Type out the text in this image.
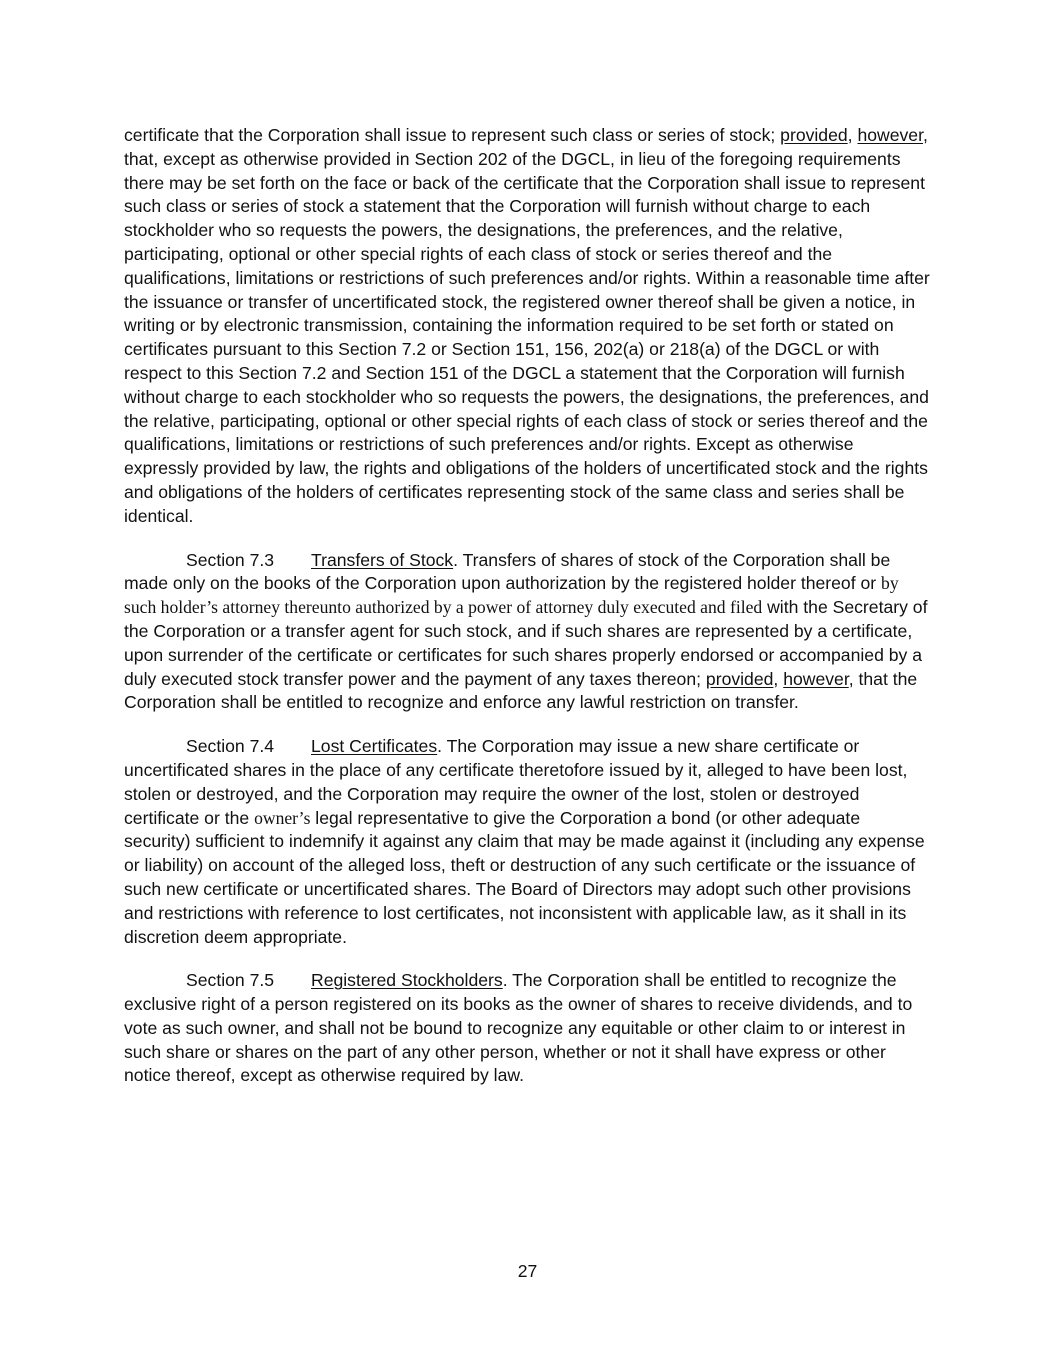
certificate that the Corporation shall issue to represent such class or series of stock; provided, however, that, except as otherwise provided in Section 202 of the DGCL, in lieu of the foregoing requirements there may be set forth on the face or back of the certificate that the Corporation shall issue to represent such class or series of stock a statement that the Corporation will furnish without charge to each stockholder who so requests the powers, the designations, the preferences, and the relative, participating, optional or other special rights of each class of stock or series thereof and the qualifications, limitations or restrictions of such preferences and/or rights. Within a reasonable time after the issuance or transfer of uncertificated stock, the registered owner thereof shall be given a notice, in writing or by electronic transmission, containing the information required to be set forth or stated on certificates pursuant to this Section 7.2 or Section 151, 156, 202(a) or 218(a) of the DGCL or with respect to this Section 7.2 and Section 151 of the DGCL a statement that the Corporation will furnish without charge to each stockholder who so requests the powers, the designations, the preferences, and the relative, participating, optional or other special rights of each class of stock or series thereof and the qualifications, limitations or restrictions of such preferences and/or rights. Except as otherwise expressly provided by law, the rights and obligations of the holders of uncertificated stock and the rights and obligations of the holders of certificates representing stock of the same class and series shall be identical.

Section 7.3 Transfers of Stock. Transfers of shares of stock of the Corporation shall be made only on the books of the Corporation upon authorization by the registered holder thereof or by such holder’s attorney thereunto authorized by a power of attorney duly executed and filed with the Secretary of the Corporation or a transfer agent for such stock, and if such shares are represented by a certificate, upon surrender of the certificate or certificates for such shares properly endorsed or accompanied by a duly executed stock transfer power and the payment of any taxes thereon; provided, however, that the Corporation shall be entitled to recognize and enforce any lawful restriction on transfer.

Section 7.4 Lost Certificates. The Corporation may issue a new share certificate or uncertificated shares in the place of any certificate theretofore issued by it, alleged to have been lost, stolen or destroyed, and the Corporation may require the owner of the lost, stolen or destroyed certificate or the owner’s legal representative to give the Corporation a bond (or other adequate security) sufficient to indemnify it against any claim that may be made against it (including any expense or liability) on account of the alleged loss, theft or destruction of any such certificate or the issuance of such new certificate or uncertificated shares. The Board of Directors may adopt such other provisions and restrictions with reference to lost certificates, not inconsistent with applicable law, as it shall in its discretion deem appropriate.

Section 7.5 Registered Stockholders. The Corporation shall be entitled to recognize the exclusive right of a person registered on its books as the owner of shares to receive dividends, and to vote as such owner, and shall not be bound to recognize any equitable or other claim to or interest in such share or shares on the part of any other person, whether or not it shall have express or other notice thereof, except as otherwise required by law.

27
